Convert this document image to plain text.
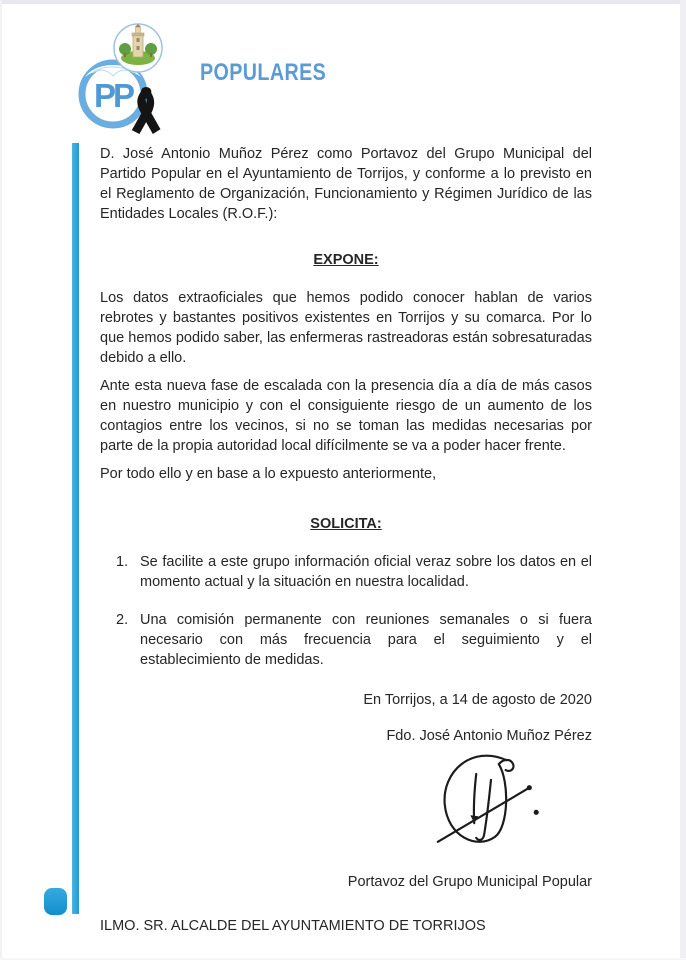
PP
POPULARES

D. José Antonio Muñoz Pérez como Portavoz del Grupo Municipal del Partido Popular en el Ayuntamiento de Torrijos, y conforme a lo previsto en el Reglamento de Organización, Funcionamiento y Régimen Jurídico de las Entidades Locales (R.O.F.):

EXPONE:

Los datos extraoficiales que hemos podido conocer hablan de varios rebrotes y bastantes positivos existentes en Torrijos y su comarca. Por lo que hemos podido saber, las enfermeras rastreadoras están sobresaturadas debido a ello.

Ante esta nueva fase de escalada con la presencia día a día de más casos en nuestro municipio y con el consiguiente riesgo de un aumento de los contagios entre los vecinos, si no se toman las medidas necesarias por parte de la propia autoridad local difícilmente se va a poder hacer frente.

Por todo ello y en base a lo expuesto anteriormente,

SOLICITA:

1. Se facilite a este grupo información oficial veraz sobre los datos en el momento actual y la situación en nuestra localidad.
2. Una comisión permanente con reuniones semanales o si fuera necesario con más frecuencia para el seguimiento y el establecimiento de medidas.

En Torrijos, a 14 de agosto de 2020

Fdo. José Antonio Muñoz Pérez

Portavoz del Grupo Municipal Popular

ILMO. SR. ALCALDE DEL AYUNTAMIENTO DE TORRIJOS
